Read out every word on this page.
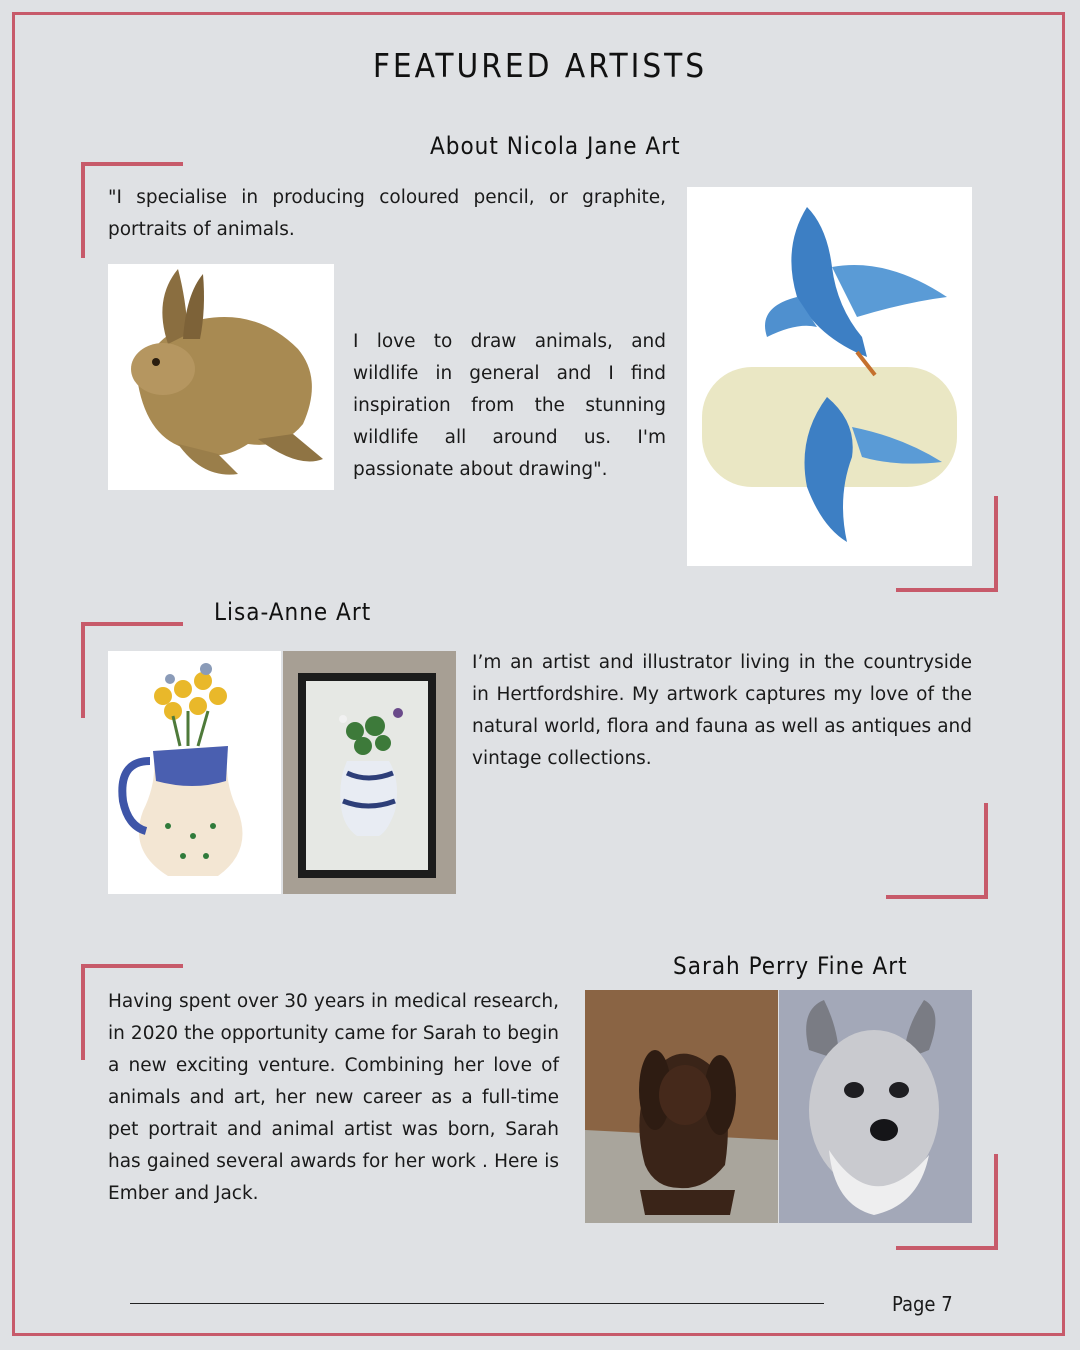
FEATURED ARTISTS
About Nicola Jane Art

"I specialise in producing coloured pencil, or graphite, portraits of animals.

I love to draw animals, and wildlife in general and I find inspiration from the stunning wildlife all around us. I'm passionate about drawing".

Lisa-Anne Art

I’m an artist and illustrator living in the countryside in Hertfordshire. My artwork captures my love of the natural world, flora and fauna as well as antiques and vintage collections.

Sarah Perry Fine Art

Having spent over 30 years in medical research, in 2020 the opportunity came for Sarah to begin a new exciting venture. Combining her love of animals and art, her new career as a full-time pet portrait and animal artist was born, Sarah has gained several awards for her work . Here is Ember and Jack.

Page 7
